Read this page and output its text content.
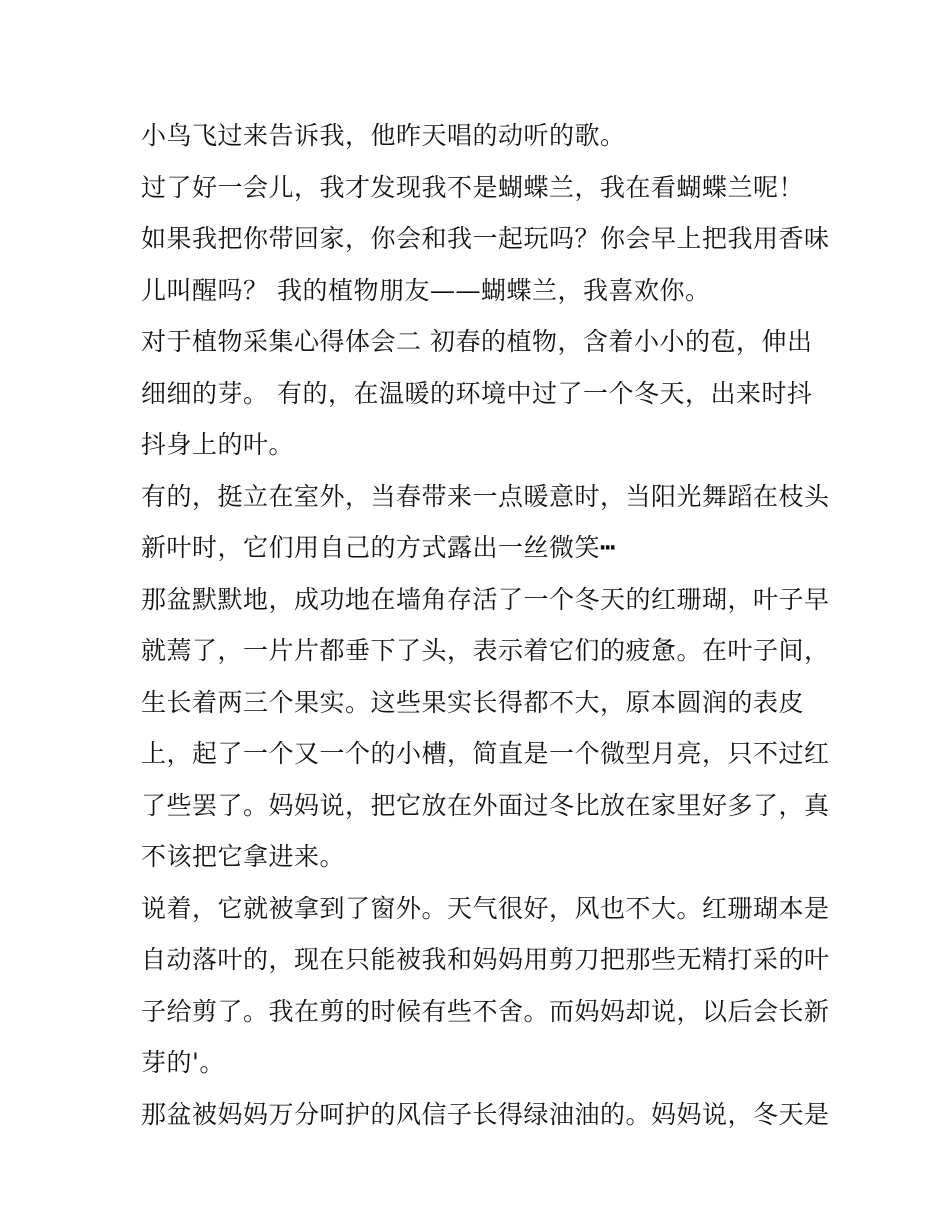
小鸟飞过来告诉我，他昨天唱的动听的歌。
过了好一会儿，我才发现我不是蝴蝶兰，我在看蝴蝶兰呢！
如果我把你带回家，你会和我一起玩吗？你会早上把我用香味
儿叫醒吗？ 我的植物朋友——蝴蝶兰，我喜欢你。
对于植物采集心得体会二 初春的植物，含着小小的苞，伸出
细细的芽。 有的，在温暖的环境中过了一个冬天，出来时抖
抖身上的叶。
有的，挺立在室外，当春带来一点暖意时，当阳光舞蹈在枝头
新叶时，它们用自己的方式露出一丝微笑┅
那盆默默地，成功地在墙角存活了一个冬天的红珊瑚，叶子早
就蔫了，一片片都垂下了头，表示着它们的疲惫。在叶子间，
生长着两三个果实。这些果实长得都不大，原本圆润的表皮
上，起了一个又一个的小槽，简直是一个微型月亮，只不过红
了些罢了。妈妈说，把它放在外面过冬比放在家里好多了，真
不该把它拿进来。
说着，它就被拿到了窗外。天气很好，风也不大。红珊瑚本是
自动落叶的，现在只能被我和妈妈用剪刀把那些无精打采的叶
子给剪了。我在剪的时候有些不舍。而妈妈却说，以后会长新
芽的'。
那盆被妈妈万分呵护的风信子长得绿油油的。妈妈说，冬天是
